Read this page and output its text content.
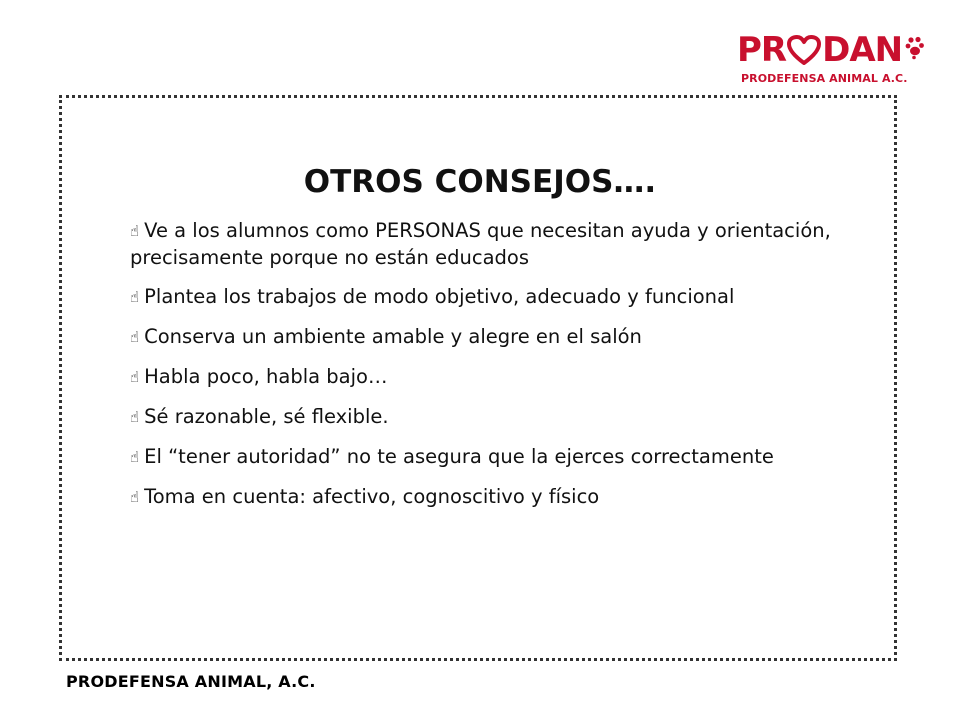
PR DAN
PRODEFENSA ANIMAL A.C.
OTROS CONSEJOS….
☝ Ve a los alumnos como PERSONAS que necesitan ayuda y orientación, precisamente porque no están educados
☝ Plantea los trabajos de modo objetivo, adecuado y funcional
☝ Conserva un ambiente amable y alegre en el salón
☝ Habla poco, habla bajo…
☝ Sé razonable, sé flexible.
☝ El “tener autoridad” no te asegura que la ejerces correctamente
☝ Toma en cuenta: afectivo, cognoscitivo y físico
PRODEFENSA ANIMAL, A.C.
